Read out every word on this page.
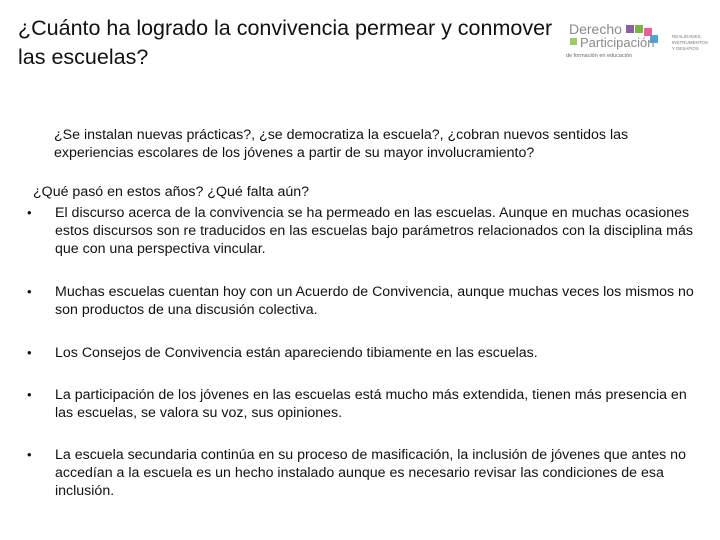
¿Cuánto ha logrado la convivencia permear y conmover las escuelas?
Derecho
Participación
de formación en educación
REALIDADES, INSTRUMENTOS Y DESAFÍOS

¿Se instalan nuevas prácticas?, ¿se democratiza la escuela?, ¿cobran nuevos sentidos las experiencias escolares de los jóvenes a partir de su mayor involucramiento?

¿Qué pasó en estos años? ¿Qué falta aún?

• El discurso acerca de la convivencia se ha permeado en las escuelas. Aunque en muchas ocasiones estos discursos son re traducidos en las escuelas bajo parámetros relacionados con la disciplina más que con una perspectiva vincular.

• Muchas escuelas cuentan hoy con un Acuerdo de Convivencia, aunque muchas veces los mismos no son productos de una discusión colectiva.

• Los Consejos de Convivencia están apareciendo tibiamente en las escuelas.

• La participación de los jóvenes en las escuelas está mucho más extendida, tienen más presencia en las escuelas, se valora su voz, sus opiniones.

• La escuela secundaria continúa en su proceso de masificación, la inclusión de jóvenes que antes no accedían a la escuela es un hecho instalado aunque es necesario revisar las condiciones de esa inclusión.
